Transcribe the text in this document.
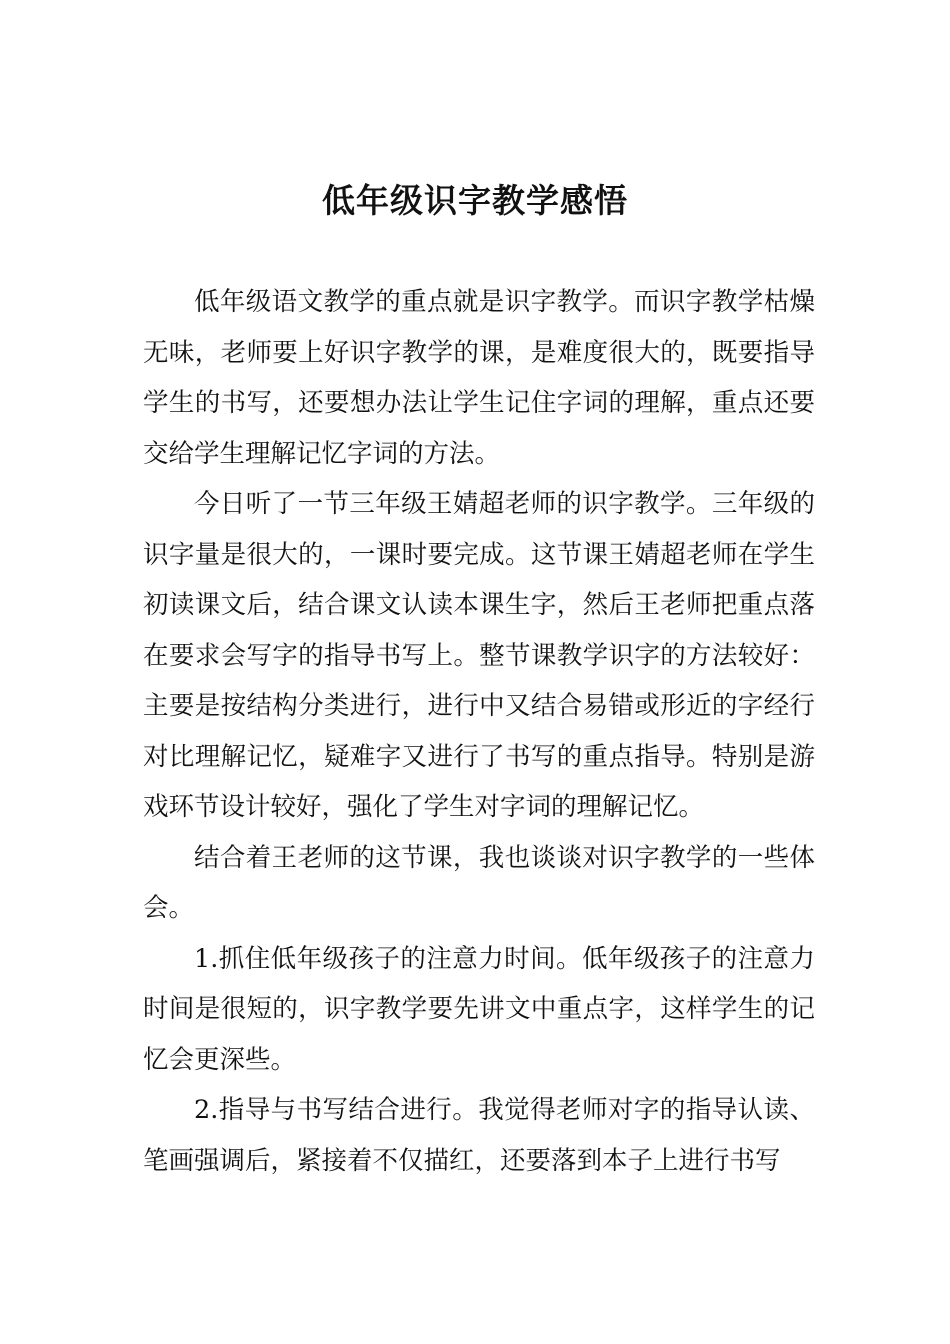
低年级识字教学感悟

低年级语文教学的重点就是识字教学。而识字教学枯燥无味，老师要上好识字教学的课，是难度很大的，既要指导学生的书写，还要想办法让学生记住字词的理解，重点还要交给学生理解记忆字词的方法。

今日听了一节三年级王婧超老师的识字教学。三年级的识字量是很大的，一课时要完成。这节课王婧超老师在学生初读课文后，结合课文认读本课生字，然后王老师把重点落在要求会写字的指导书写上。整节课教学识字的方法较好：主要是按结构分类进行，进行中又结合易错或形近的字经行对比理解记忆，疑难字又进行了书写的重点指导。特别是游戏环节设计较好，强化了学生对字词的理解记忆。

结合着王老师的这节课，我也谈谈对识字教学的一些体会。

1.抓住低年级孩子的注意力时间。低年级孩子的注意力时间是很短的，识字教学要先讲文中重点字，这样学生的记忆会更深些。

2.指导与书写结合进行。我觉得老师对字的指导认读、笔画强调后，紧接着不仅描红，还要落到本子上进行书写
